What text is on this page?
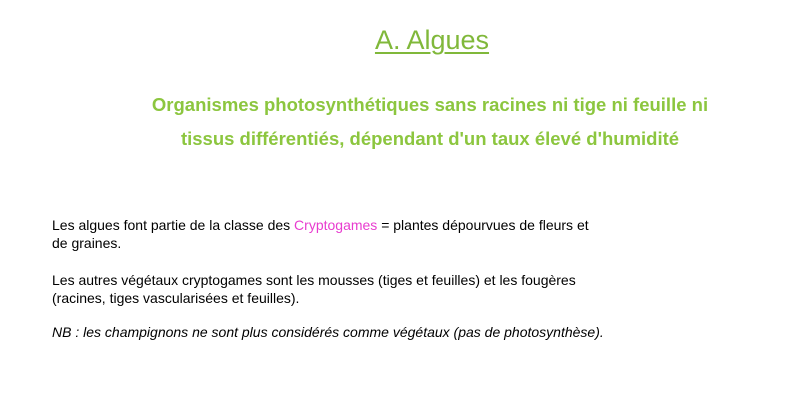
A. Algues
Organismes photosynthétiques sans racines ni tige ni feuille ni
tissus différentiés, dépendant d'un taux élevé d'humidité
Les algues font partie de la classe des Cryptogames = plantes dépourvues de fleurs et
de graines.
Les autres végétaux cryptogames sont les mousses (tiges et feuilles) et les fougères
(racines, tiges vascularisées et feuilles).
NB : les champignons ne sont plus considérés comme végétaux (pas de photosynthèse).
